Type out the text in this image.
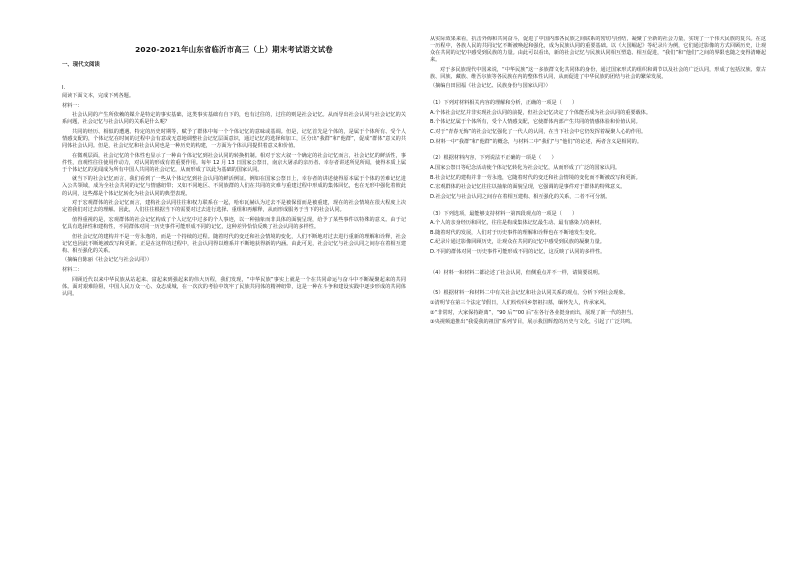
2020-2021年山东省临沂市高三（上）期末考试语文试卷
一、现代文阅读
I.

阅读下面文本，完成下列各题。

材料一：

社会认同的产生所依赖的媒介是特定的事实基础，这类事实基础有自下的，也有过往的，过往的则是社会记忆。从而导出社会认同与社会记忆的关系问题，社会记忆与社会认同的关系是什么呢？

共同的经历、相似的遭遇、特定的历史时期等，赋予了群体中每一个个体记忆的意味或基调。但是，记忆首先是个体的，是属于个体所有、受个人情感支配的，个体记忆在时间的过程中会有意或无意地调整社会记忆层面意识，通过记忆的选择和加工，区分出“我群”和“他群”，促成“群体”意义的共同体社会认同。但是，社会记忆和社会认同也是一种历史的构建，一方面为个体认同提供着意义和价值。

在微观层面，社会记忆的个体性也显示了一种由个体记忆到社会认同的转换机制。相对于宏大叙一个确定的社会记忆而言，社会记忆的鲜活性，事件性，直观性往往使用作动力，对认同的形成有着重要作用。每年 12 月 13 日国家公祭日，南京大屠杀的亲历者、幸存者讲述所见所闻，使得本质上属于个体记忆的见闻成为所有中国人共同的社会记忆，从而形成了以此为基础的国家认同。

就当下的社会记忆而言，我们看到了一些从个体记忆到社会认同的鲜活例证。例如在国家公祭日上，幸存者的讲述使得原本属于个体的苦难记忆进入公共领域，成为全社会共同的记忆与情感纽带；又如不同地区、不同族群的人们在共同的灾难与重建过程中形成的集体回忆，也在无形中强化着彼此的认同，这些都是个体记忆转化为社会认同的典型表现。

对于宏观群体的社会记忆而言，建构社会认同往往和权力联系在一起，哈布瓦赫认为过去不是被保留而是被重建，现在的社会情境在很大程度上决定着我们对过去的理解。因此，人们往往根据当下的需要对过去进行选择、重组和再解释，从而形成服务于当下的社会认同。

值得重视的是，宏观群体的社会记忆构成了个人记忆中过多的个人事迹，以一种抽象而非具体的面貌呈现，给予了某些事件以特殊的意义。由于记忆具有选择性和建构性，不同群体对同一历史事件可能形成不同的记忆，这种差异恰恰反映了社会认同的多样性。

但社会记忆的建构并不是一劳永逸的，而是一个持续的过程。随着时代的变迁和社会情境的变化，人们不断地对过去进行重新的理解和诠释，社会记忆也因此不断地被改写和更新。正是在这样的过程中，社会认同得以维系并不断地获得新的内涵。由此可见，社会记忆与社会认同之间存在着相互建构、相互强化的关系。

（摘编自陈丽《社会记忆与社会认同》）

材料二：

回顾近代以来中华民族从站起来、富起来到强起来的伟大历程，我们发现，“中华民族”事实上就是一个在共同命运与奋斗中不断凝聚起来的共同体。面对艰难险阻，中国人民万众一心、众志成城，在一次次的考验中筑牢了民族共同体的精神纽带，这是一种在斗争和建设实践中逐步形成的共同体认同。

从实际效果来看，抗击外侮和共同奋斗，促进了中国内部各民族之间联系的密切与团结，凝聚了全新的社会力量，实现了一个伟大民族的复兴。在这一历程中，各族人民的共同记忆不断被唤起和强化，成为民族认同的重要基础。以《大国崛起》等纪录片为例，它们通过影像的方式回顾历史，让观众在共同的记忆中感受到民族的力量。由此可以看出，新的社会记忆与民族认同相互塑造、相互促进，“我们”和“他们”之间的界限也随之变得清晰起来。

对于多民族现代中国来说，“中华民族”这一多族群文化共同体的身份，通过国家形式的组织和调节以及社会的广泛认同，形成了包括汉族、蒙古族、回族、藏族、维吾尔族等各民族在内的整体性认同，从而促进了中华民族的团结与社会的繁荣发展。

（摘编自田园福《社会记忆、民族身份与国家认同》）

（1）下列对材料相关内容的理解和分析，正确的一项是（　　）

A.个体社会记忆并非实现社会认同的前提，但社会记忆决定了个体能否成为社会认同的重要载体。

B.个体记忆属于个体所有，受个人情感支配，它使群体内部产生共同的情感体验和价值认同。

C.对于“青春无悔”的社会记忆强化了一代人的认同，在当下社会中它仍发挥着凝聚人心的作用。

D.材料一中“我群”和“他群”的概念，与材料二中“我们”与“他们”的论述，两者含义是相同的。

（2）根据材料内容，下列说法不正确的一项是（　　）

A.国家公祭日等纪念活动使个体记忆转化为社会记忆，从而形成了广泛的国家认同。

B.社会记忆的建构并非一劳永逸，它随着时代的变迁和社会情境的变化而不断被改写和更新。

C.宏观群体的社会记忆往往以抽象的面貌呈现，它强调的是事件对于群体的特殊意义。

D.社会记忆与社会认同之间存在着相互建构、相互强化的关系，二者不可分割。

（3）下列选项，最能够支持材料一第四段观点的一项是（　　）

A.个人的亲身经历和回忆，往往是构成集体记忆最生动、最有感染力的素材。

B.随着时代的发展，人们对于历史事件的理解和诠释也在不断地发生变化。

C.纪录片通过影像回顾历史，让观众在共同的记忆中感受到民族的凝聚力量。

D.不同的群体对同一历史事件可能形成不同的记忆，这反映了认同的多样性。

（4）材料一和材料二都论述了社会认同，但侧重点并不一样，请简要说明。

（5）根据材料一和材料二中有关社会记忆和社会认同关系的观点，分析下列社会现象。

①清明节在第三个法定节假日，人们纷纷回乡祭祖扫墓，缅怀先人，传承家风。

②“非常时，大家保持距离”，“90 后”“00 后”在各行各业挺身而出，展现了新一代的担当。

③央视频道推出“我爱我的祖国”系列节目，展示我国辉煌的历史与文化，引起了广泛共鸣。
